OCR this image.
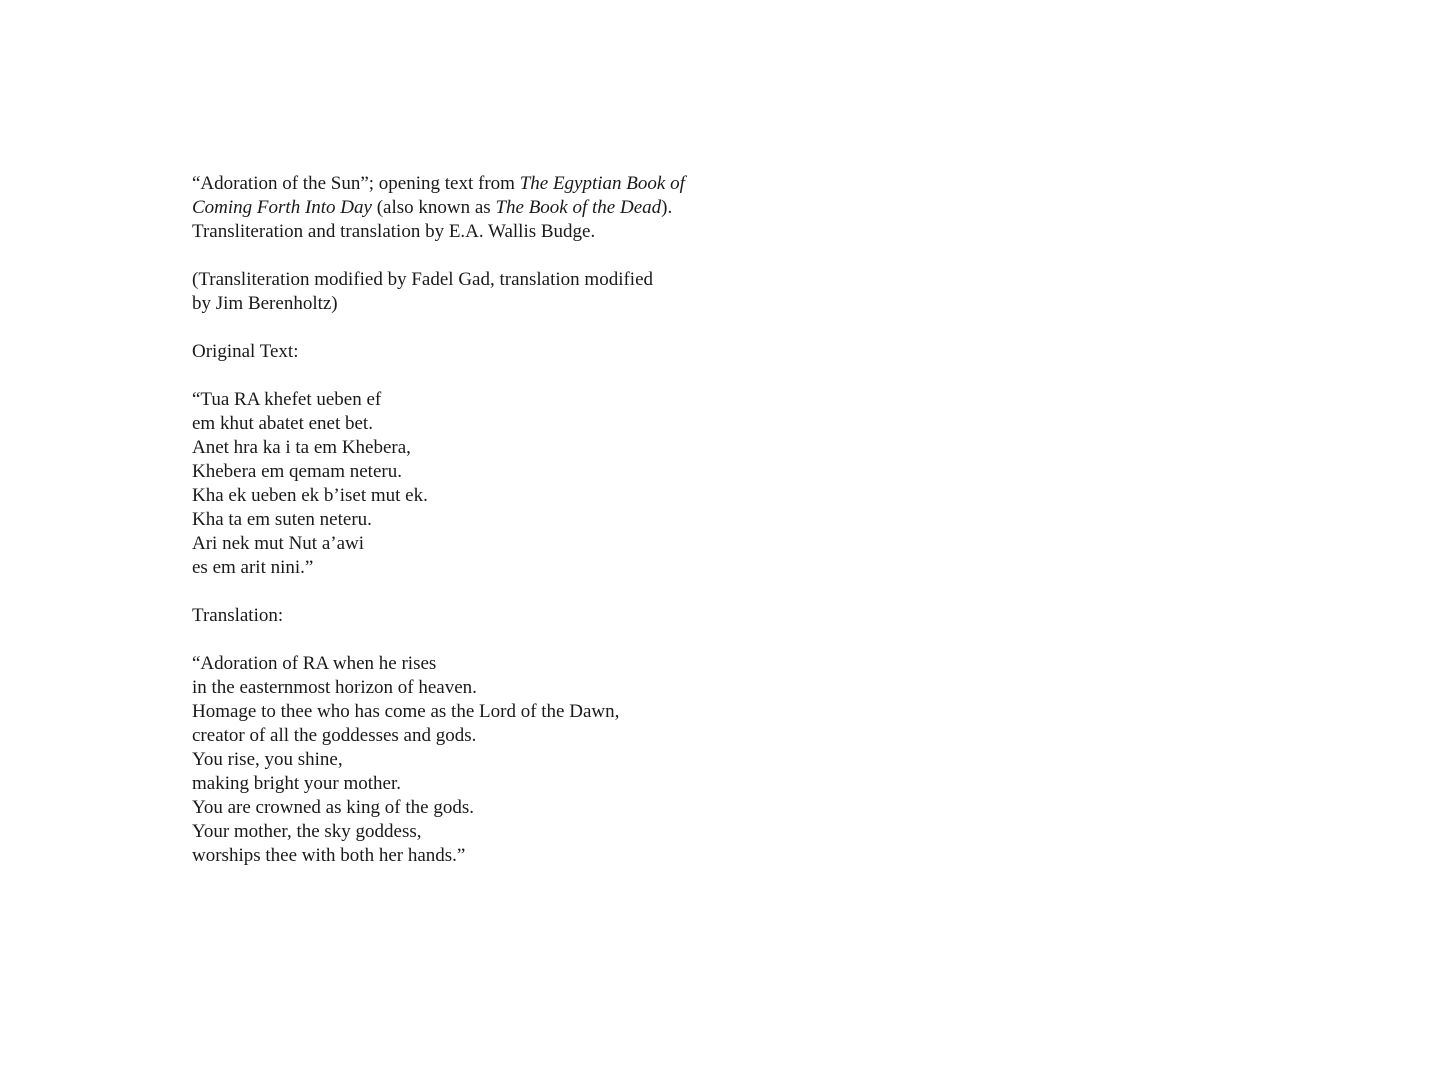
“Adoration of the Sun”; opening text from The Egyptian Book of
Coming Forth Into Day (also known as The Book of the Dead).
Transliteration and translation by E.A. Wallis Budge.
(Transliteration modified by Fadel Gad, translation modified
by Jim Berenholtz)
Original Text:
“Tua RA khefet ueben ef
em khut abatet enet bet.
Anet hra ka i ta em Khebera,
Khebera em qemam neteru.
Kha ek ueben ek b’iset mut ek.
Kha ta em suten neteru.
Ari nek mut Nut a’awi
es em arit nini.”
Translation:
“Adoration of RA when he rises
in the easternmost horizon of heaven.
Homage to thee who has come as the Lord of the Dawn,
creator of all the goddesses and gods.
You rise, you shine,
making bright your mother.
You are crowned as king of the gods.
Your mother, the sky goddess,
worships thee with both her hands.”
